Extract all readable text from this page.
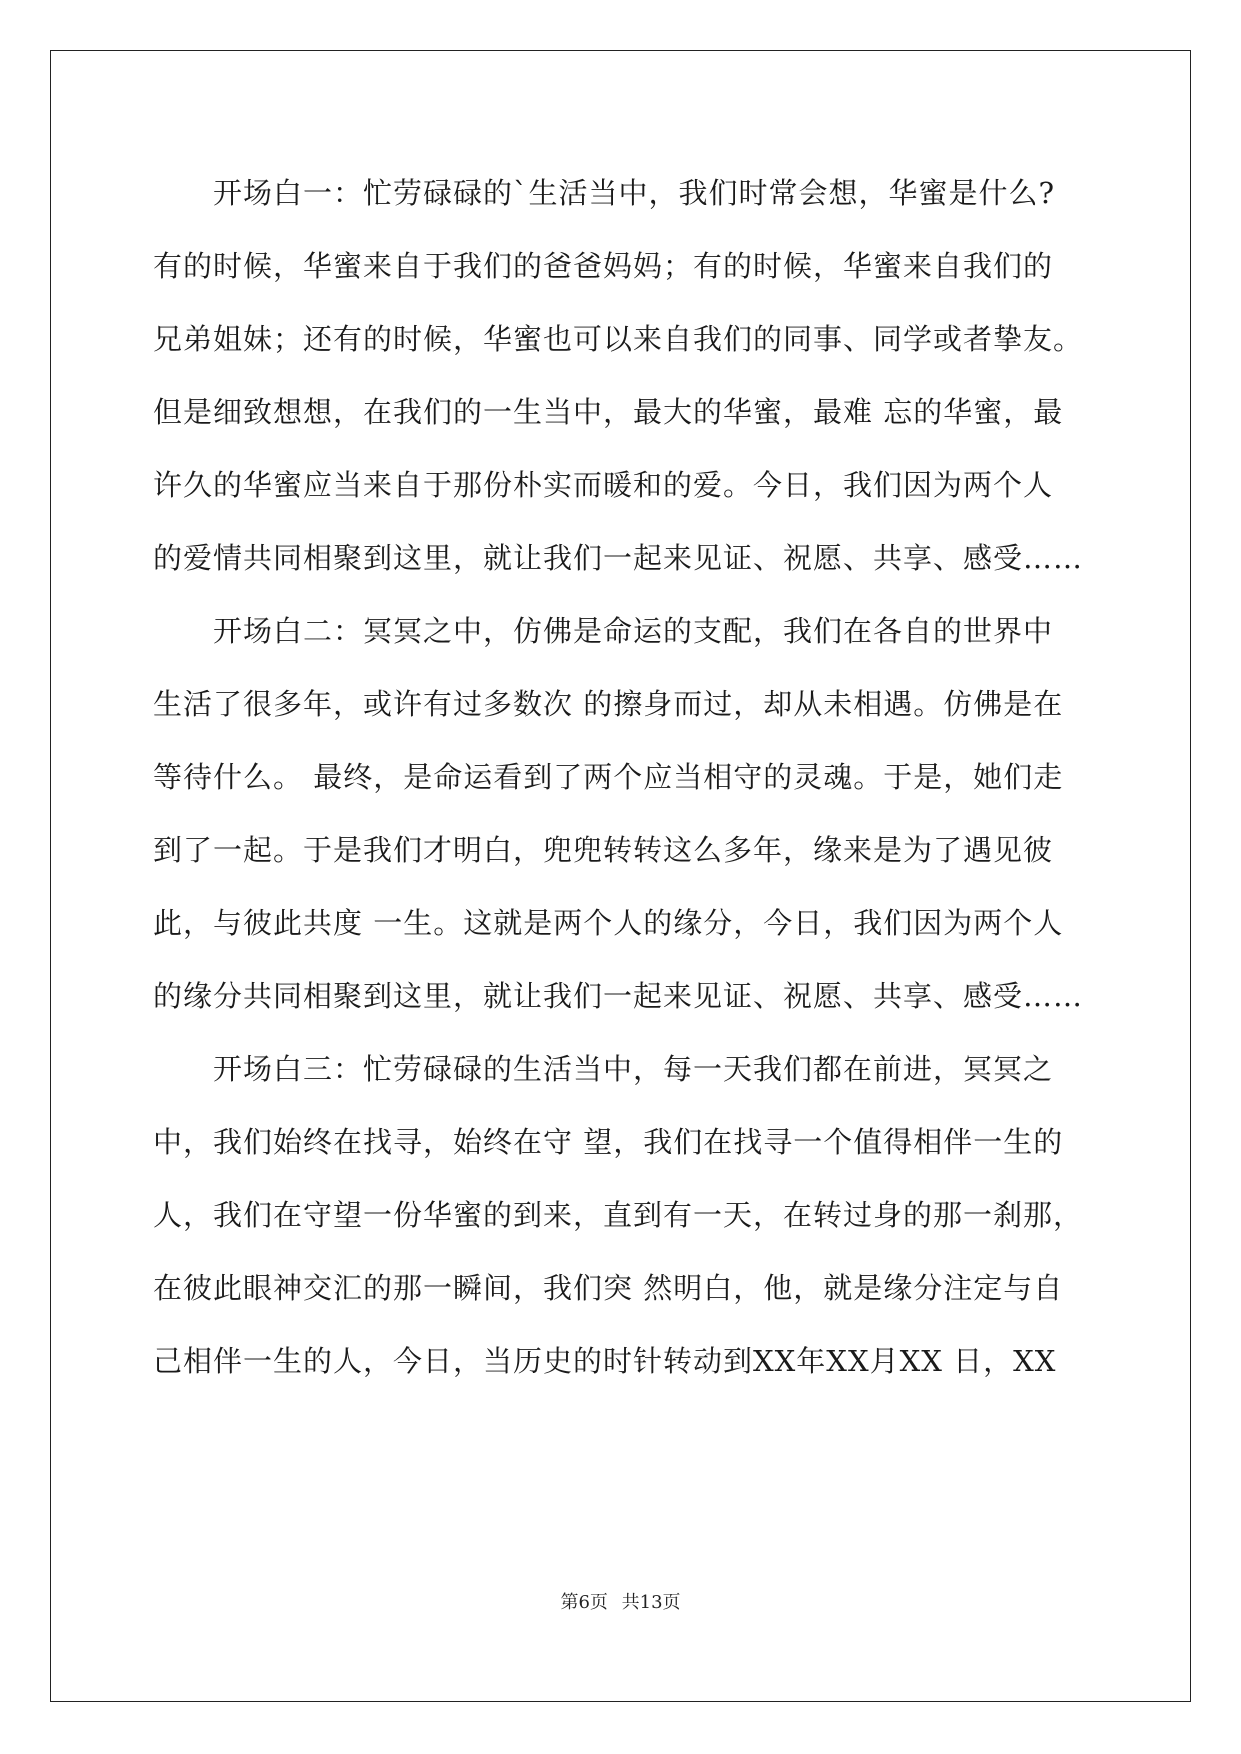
　　开场白一：忙劳碌碌的`生活当中，我们时常会想，华蜜是什么?
有的时候，华蜜来自于我们的爸爸妈妈；有的时候，华蜜来自我们的
兄弟姐妹；还有的时候，华蜜也可以来自我们的同事、同学或者挚友。
但是细致想想，在我们的一生当中，最大的华蜜，最难 忘的华蜜，最
许久的华蜜应当来自于那份朴实而暖和的爱。今日，我们因为两个人
的爱情共同相聚到这里，就让我们一起来见证、祝愿、共享、感受……
　　开场白二：冥冥之中，仿佛是命运的支配，我们在各自的世界中
生活了很多年，或许有过多数次 的擦身而过，却从未相遇。仿佛是在
等待什么。 最终，是命运看到了两个应当相守的灵魂。于是，她们走
到了一起。于是我们才明白，兜兜转转这么多年，缘来是为了遇见彼
此，与彼此共度 一生。这就是两个人的缘分，今日，我们因为两个人
的缘分共同相聚到这里，就让我们一起来见证、祝愿、共享、感受……
　　开场白三：忙劳碌碌的生活当中，每一天我们都在前进，冥冥之
中，我们始终在找寻，始终在守 望，我们在找寻一个值得相伴一生的
人，我们在守望一份华蜜的到来，直到有一天，在转过身的那一刹那，
在彼此眼神交汇的那一瞬间，我们突 然明白，他，就是缘分注定与自
己相伴一生的人，今日，当历史的时针转动到XX年XX月XX 日，XX
第6页 共13页
